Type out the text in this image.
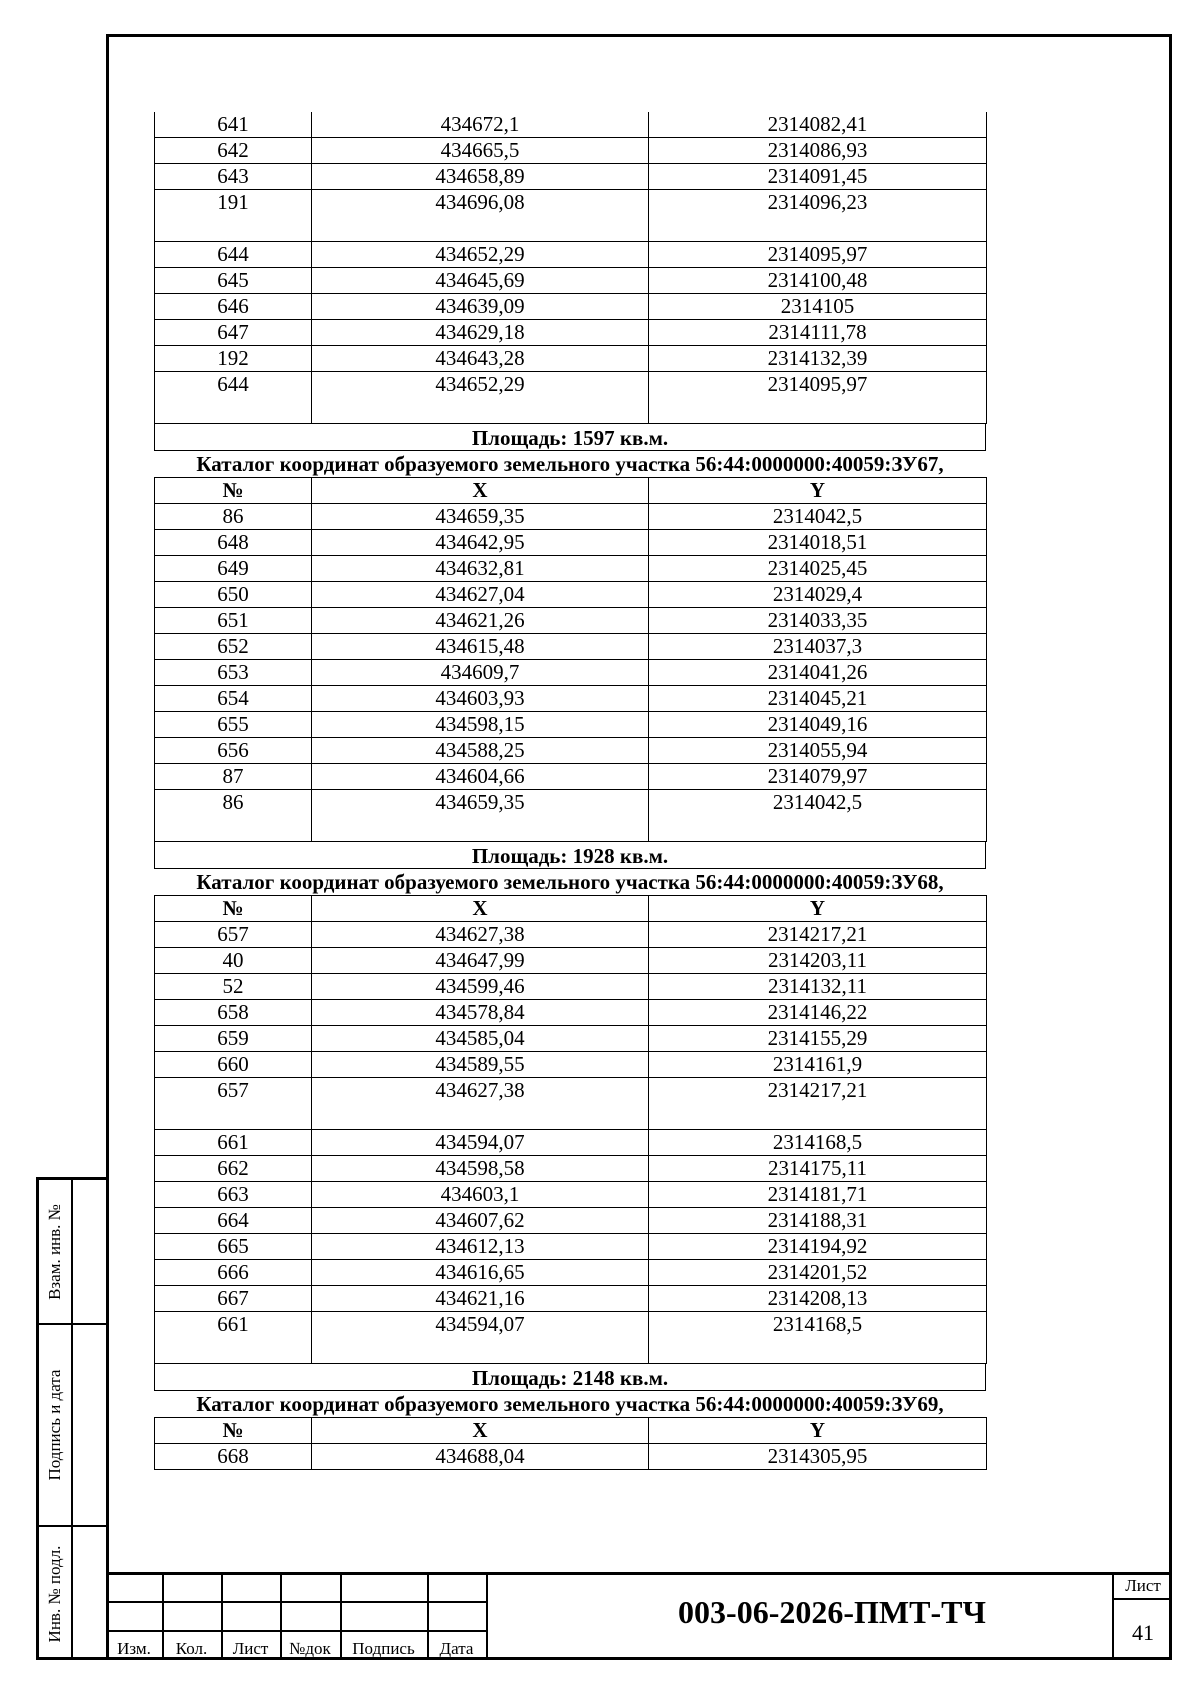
Взам. инв. №
Подпись и дата
Инв. № подл.
641	434672,1	2314082,41
642	434665,5	2314086,93
643	434658,89	2314091,45
191	434696,08	2314096,23
644	434652,29	2314095,97
645	434645,69	2314100,48
646	434639,09	2314105
647	434629,18	2314111,78
192	434643,28	2314132,39
644	434652,29	2314095,97
Площадь: 1597 кв.м.
Каталог координат образуемого земельного участка 56:44:0000000:40059:ЗУ67,
№	X	Y
86	434659,35	2314042,5
648	434642,95	2314018,51
649	434632,81	2314025,45
650	434627,04	2314029,4
651	434621,26	2314033,35
652	434615,48	2314037,3
653	434609,7	2314041,26
654	434603,93	2314045,21
655	434598,15	2314049,16
656	434588,25	2314055,94
87	434604,66	2314079,97
86	434659,35	2314042,5
Площадь: 1928 кв.м.
Каталог координат образуемого земельного участка 56:44:0000000:40059:ЗУ68,
№	X	Y
657	434627,38	2314217,21
40	434647,99	2314203,11
52	434599,46	2314132,11
658	434578,84	2314146,22
659	434585,04	2314155,29
660	434589,55	2314161,9
657	434627,38	2314217,21
661	434594,07	2314168,5
662	434598,58	2314175,11
663	434603,1	2314181,71
664	434607,62	2314188,31
665	434612,13	2314194,92
666	434616,65	2314201,52
667	434621,16	2314208,13
661	434594,07	2314168,5
Площадь: 2148 кв.м.
Каталог координат образуемого земельного участка 56:44:0000000:40059:ЗУ69,
№	X	Y
668	434688,04	2314305,95
Изм.	Кол.	Лист	№док	Подпись	Дата
003-06-2026-ПМТ-ТЧ
Лист
41
